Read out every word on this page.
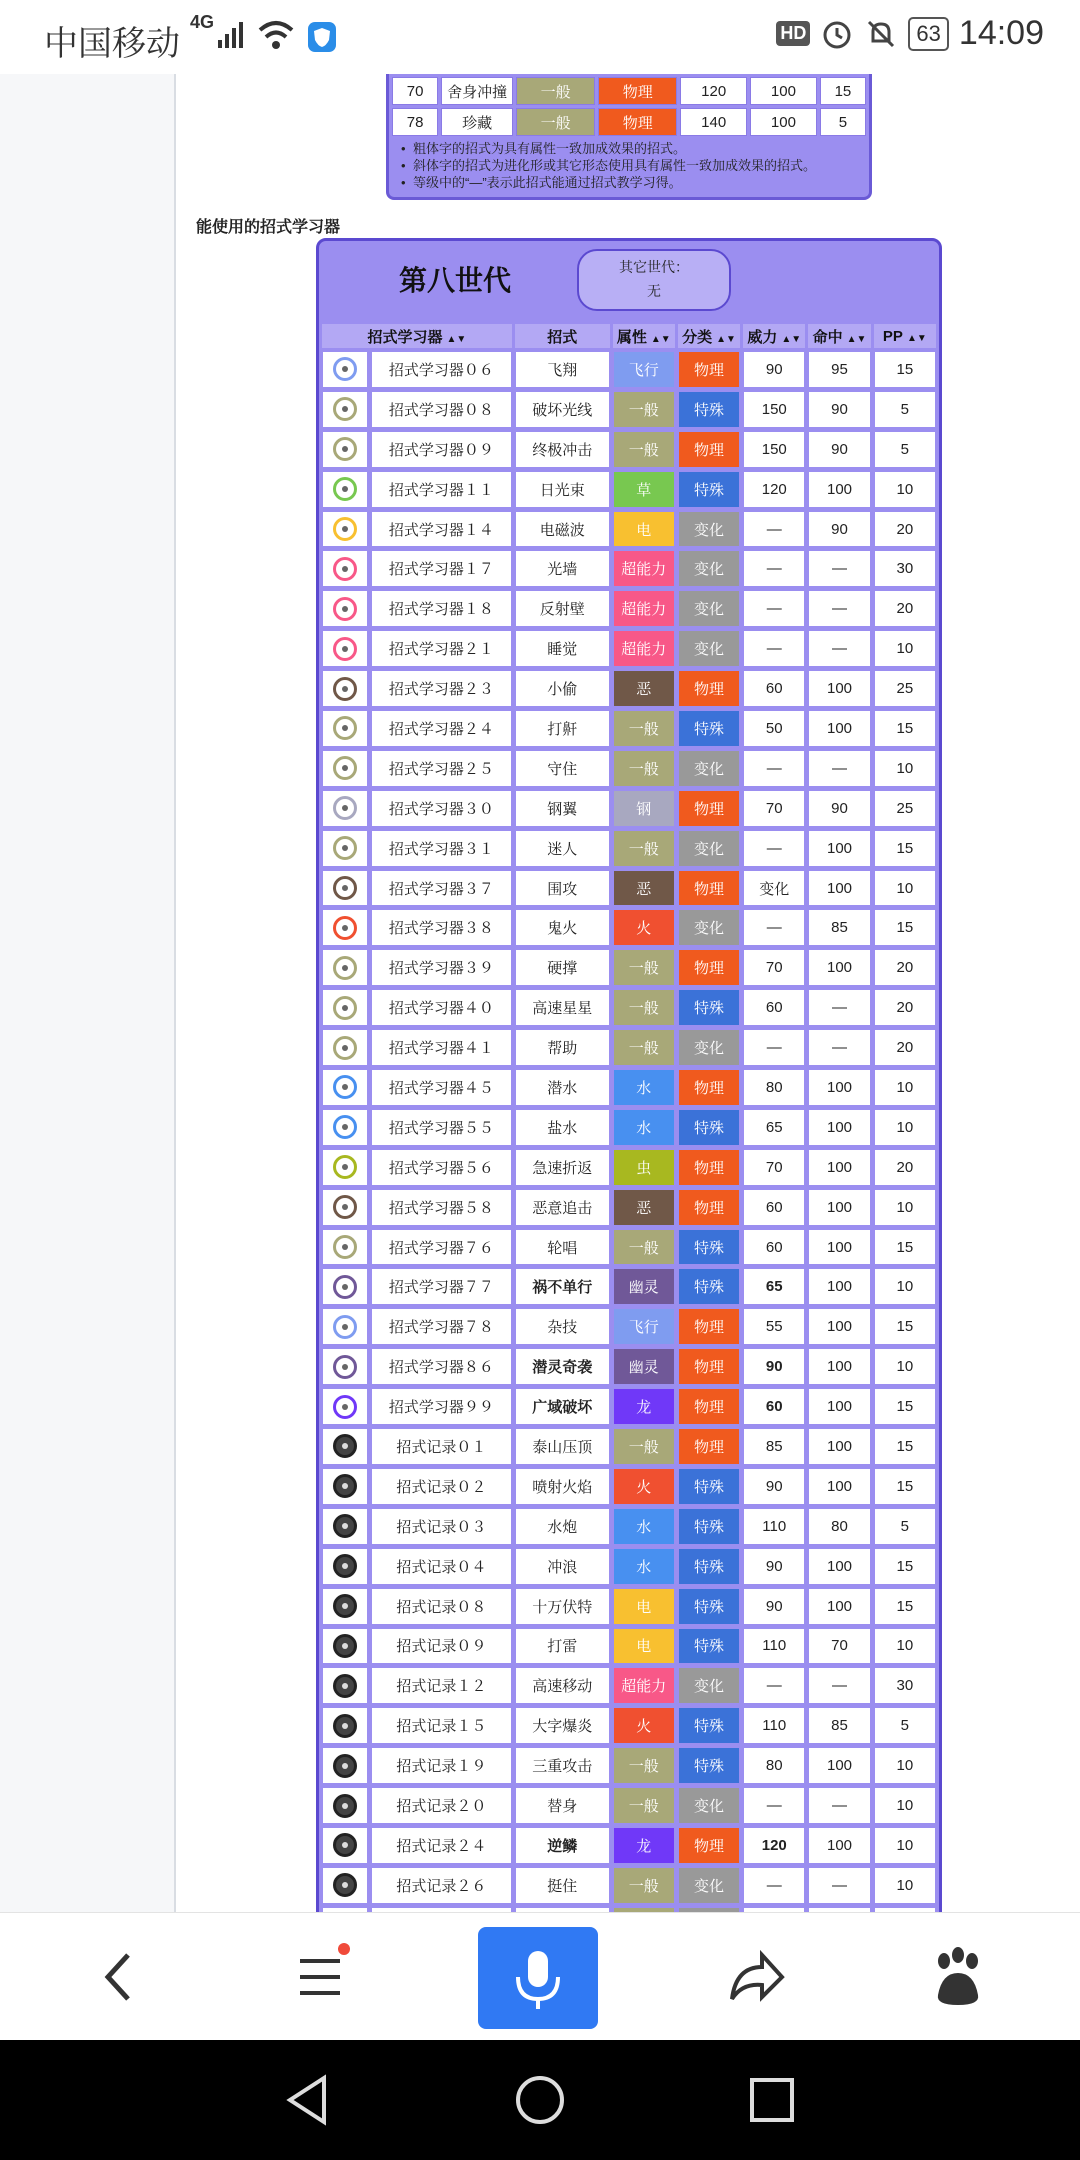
中国移动
4G
HD	63 14:09
70	舍身冲撞	一般	物理	120	100	15
78	珍藏	一般	物理	140	100	5
• 粗体字的招式为具有属性一致加成效果的招式。
• 斜体字的招式为进化形或其它形态使用具有属性一致加成效果的招式。
• 等级中的“—”表示此招式能通过招式教学习得。
能使用的招式学习器
第八世代	其它世代：
无
招式学习器 ▲▼		招式	属性 ▲▼	分类 ▲▼	威力 ▲▼	命中 ▲▼	PP ▲▼
	招式学习器０６	飞翔	飞行	物理	90	95	15
	招式学习器０８	破坏光线	一般	特殊	150	90	5
	招式学习器０９	终极冲击	一般	物理	150	90	5
	招式学习器１１	日光束	草	特殊	120	100	10
	招式学习器１４	电磁波	电	变化	—	90	20
	招式学习器１７	光墙	超能力	变化	—	—	30
	招式学习器１８	反射壁	超能力	变化	—	—	20
	招式学习器２１	睡觉	超能力	变化	—	—	10
	招式学习器２３	小偷	恶	物理	60	100	25
	招式学习器２４	打鼾	一般	特殊	50	100	15
	招式学习器２５	守住	一般	变化	—	—	10
	招式学习器３０	钢翼	钢	物理	70	90	25
	招式学习器３１	迷人	一般	变化	—	100	15
	招式学习器３７	围攻	恶	物理	变化	100	10
	招式学习器３８	鬼火	火	变化	—	85	15
	招式学习器３９	硬撑	一般	物理	70	100	20
	招式学习器４０	高速星星	一般	特殊	60	—	20
	招式学习器４１	帮助	一般	变化	—	—	20
	招式学习器４５	潜水	水	物理	80	100	10
	招式学习器５５	盐水	水	特殊	65	100	10
	招式学习器５６	急速折返	虫	物理	70	100	20
	招式学习器５８	恶意追击	恶	物理	60	100	10
	招式学习器７６	轮唱	一般	特殊	60	100	15
	招式学习器７７	祸不单行	幽灵	特殊	65	100	10
	招式学习器７８	杂技	飞行	物理	55	100	15
	招式学习器８６	潜灵奇袭	幽灵	物理	90	100	10
	招式学习器９９	广域破坏	龙	物理	60	100	15
	招式记录０１	泰山压顶	一般	物理	85	100	15
	招式记录０２	喷射火焰	火	特殊	90	100	15
	招式记录０３	水炮	水	特殊	110	80	5
	招式记录０４	冲浪	水	特殊	90	100	15
	招式记录０８	十万伏特	电	特殊	90	100	15
	招式记录０９	打雷	电	特殊	110	70	10
	招式记录１２	高速移动	超能力	变化	—	—	30
	招式记录１５	大字爆炎	火	特殊	110	85	5
	招式记录１９	三重攻击	一般	特殊	80	100	10
	招式记录２０	替身	一般	变化	—	—	10
	招式记录２４	逆鳞	龙	物理	120	100	10
	招式记录２６	挺住	一般	变化	—	—	10
